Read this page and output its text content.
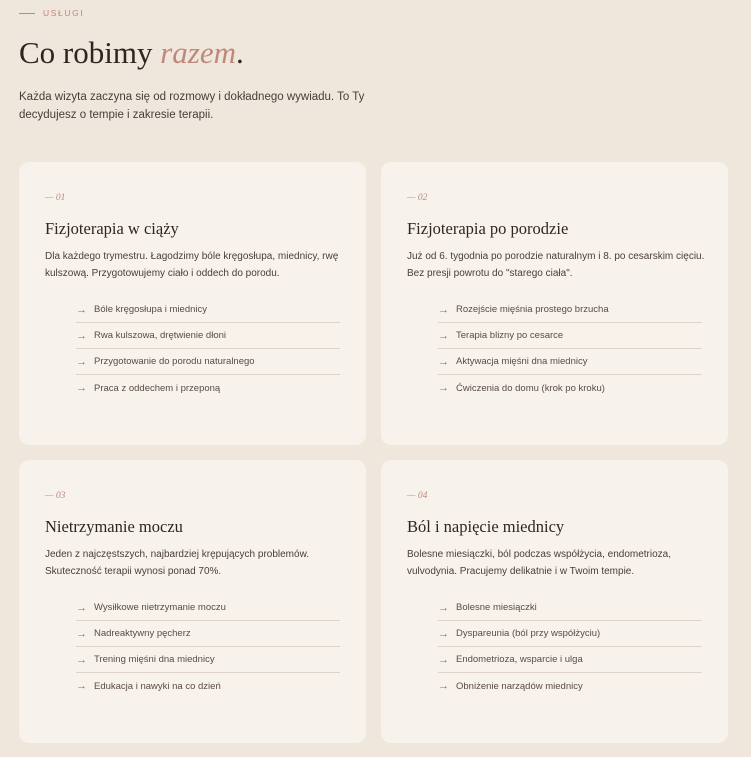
USŁUGI
Co robimy razem.

Każda wizyta zaczyna się od rozmowy i dokładnego wywiadu. To Ty decydujesz o tempie i zakresie terapii.

— 01
Fizjoterapia w ciąży
Dla każdego trymestru. Łagodzimy bóle kręgosłupa, miednicy, rwę kulszową. Przygotowujemy ciało i oddech do porodu.
→ Bóle kręgosłupa i miednicy
→ Rwa kulszowa, drętwienie dłoni
→ Przygotowanie do porodu naturalnego
→ Praca z oddechem i przeponą
— 02
Fizjoterapia po porodzie
Już od 6. tygodnia po porodzie naturalnym i 8. po cesarskim cięciu. Bez presji powrotu do "starego ciała".
→ Rozejście mięśnia prostego brzucha
→ Terapia blizny po cesarce
→ Aktywacja mięśni dna miednicy
→ Ćwiczenia do domu (krok po kroku)
— 03
Nietrzymanie moczu
Jeden z najczęstszych, najbardziej krępujących problemów. Skuteczność terapii wynosi ponad 70%.
→ Wysiłkowe nietrzymanie moczu
→ Nadreaktywny pęcherz
→ Trening mięśni dna miednicy
→ Edukacja i nawyki na co dzień
— 04
Ból i napięcie miednicy
Bolesne miesiączki, ból podczas współżycia, endometrioza, vulvodynia. Pracujemy delikatnie i w Twoim tempie.
→ Bolesne miesiączki
→ Dyspareunia (ból przy współżyciu)
→ Endometrioza, wsparcie i ulga
→ Obniżenie narządów miednicy
